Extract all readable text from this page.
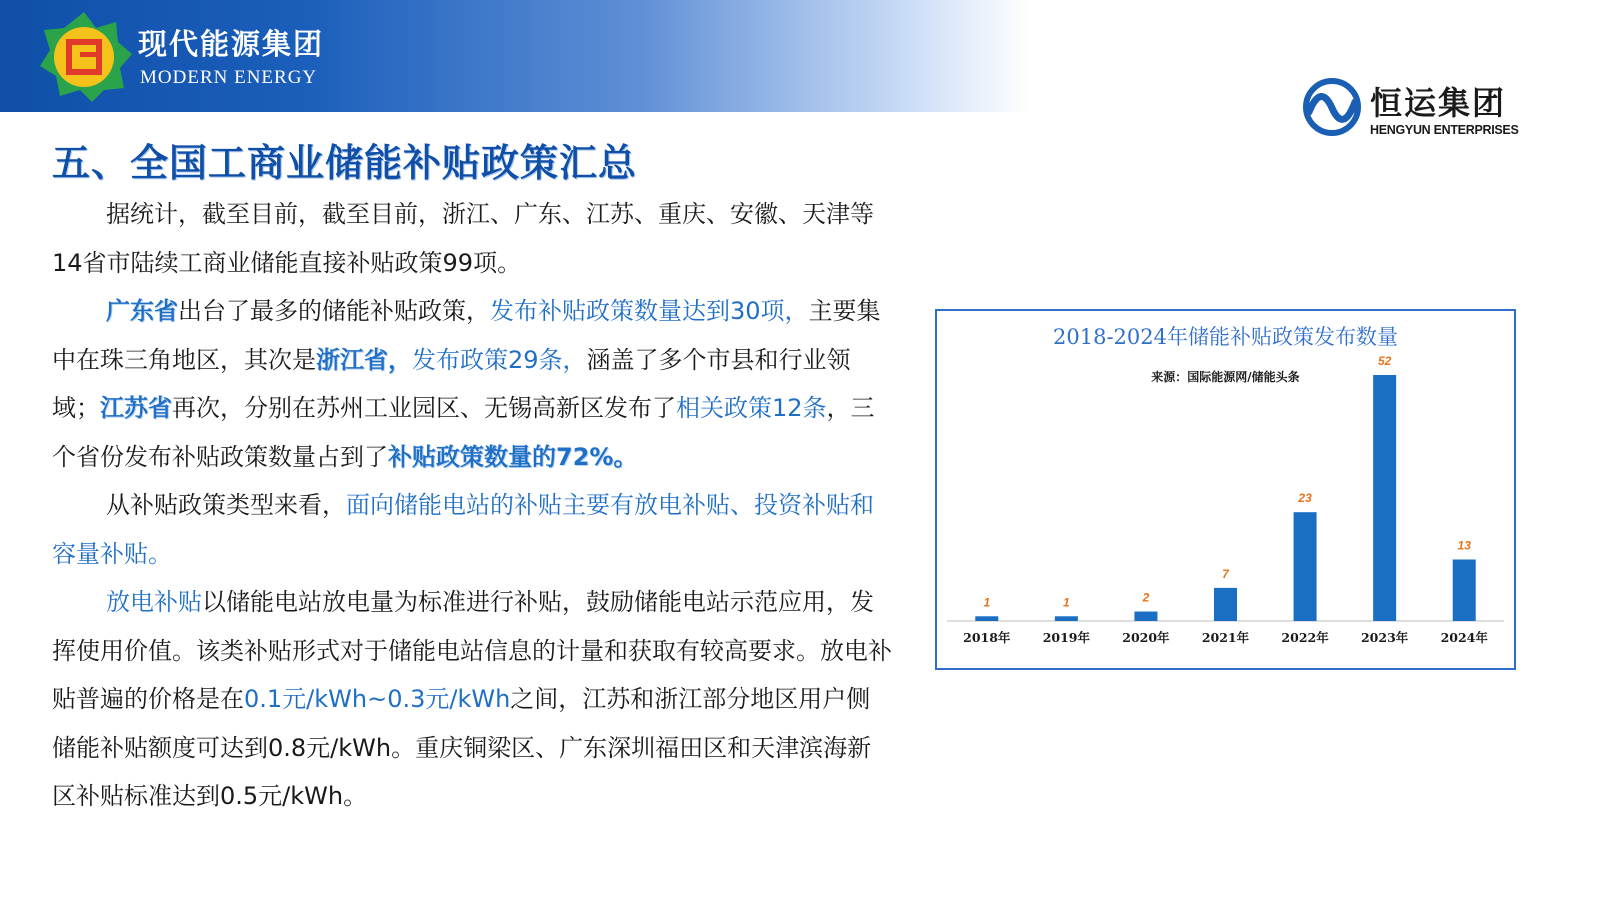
现代能源集团
MODERN ENERGY
恒运集团
HENGYUN ENTERPRISES
五、全国工商业储能补贴政策汇总

据统计，截至目前，截至目前，浙江、广东、江苏、重庆、安徽、天津等14省市陆续工商业储能直接补贴政策99项。

广东省出台了最多的储能补贴政策，发布补贴政策数量达到30项，主要集中在珠三角地区，其次是浙江省，发布政策29条，涵盖了多个市县和行业领域；江苏省再次，分别在苏州工业园区、无锡高新区发布了相关政策12条，三个省份发布补贴政策数量占到了补贴政策数量的72%。

从补贴政策类型来看，面向储能电站的补贴主要有放电补贴、投资补贴和容量补贴。

放电补贴以储能电站放电量为标准进行补贴，鼓励储能电站示范应用，发挥使用价值。该类补贴形式对于储能电站信息的计量和获取有较高要求。放电补贴普遍的价格是在0.1元/kWh~0.3元/kWh之间，江苏和浙江部分地区用户侧储能补贴额度可达到0.8元/kWh。重庆铜梁区、广东深圳福田区和天津滨海新区补贴标准达到0.5元/kWh。

2018-2024年储能补贴政策发布数量
来源：国际能源网/储能头条
1
2018年
1
2019年
2
2020年
7
2021年
23
2022年
52
2023年
13
2024年
